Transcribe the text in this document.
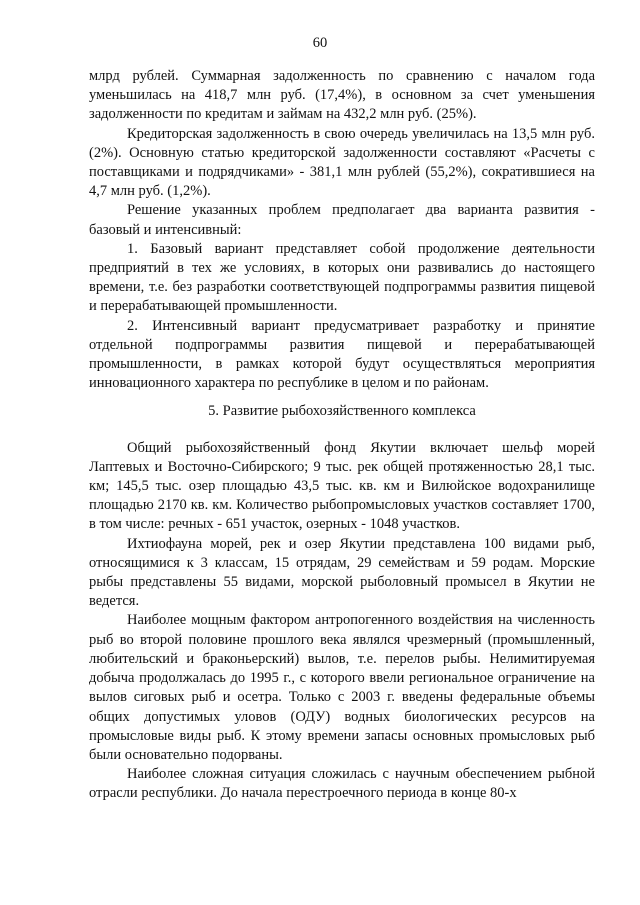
60

млрд рублей. Суммарная задолженность по сравнению с началом года уменьшилась на 418,7 млн руб. (17,4%), в основном за счет уменьшения задолженности по кредитам и займам на 432,2 млн руб. (25%).

Кредиторская задолженность в свою очередь увеличилась на 13,5 млн руб. (2%). Основную статью кредиторской задолженности составляют «Расчеты с поставщиками и подрядчиками» - 381,1 млн рублей (55,2%), сократившиеся на 4,7 млн руб. (1,2%).

Решение указанных проблем предполагает два варианта развития - базовый и интенсивный:

1. Базовый вариант представляет собой продолжение деятельности предприятий в тех же условиях, в которых они развивались до настоящего времени, т.е. без разработки соответствующей подпрограммы развития пищевой и перерабатывающей промышленности.

2. Интенсивный вариант предусматривает разработку и принятие отдельной подпрограммы развития пищевой и перерабатывающей промышленности, в рамках которой будут осуществляться мероприятия инновационного характера по республике в целом и по районам.

5. Развитие рыбохозяйственного комплекса

Общий рыбохозяйственный фонд Якутии включает шельф морей Лаптевых и Восточно-Сибирского; 9 тыс. рек общей протяженностью 28,1 тыс. км; 145,5 тыс. озер площадью 43,5 тыс. кв. км и Вилюйское водохранилище площадью 2170 кв. км. Количество рыбопромысловых участков составляет 1700, в том числе: речных - 651 участок, озерных - 1048 участков.

Ихтиофауна морей, рек и озер Якутии представлена 100 видами рыб, относящимися к 3 классам, 15 отрядам, 29 семействам и 59 родам. Морские рыбы представлены 55 видами, морской рыболовный промысел в Якутии не ведется.

Наиболее мощным фактором антропогенного воздействия на численность рыб во второй половине прошлого века являлся чрезмерный (промышленный, любительский и браконьерский) вылов, т.е. перелов рыбы. Нелимитируемая добыча продолжалась до 1995 г., с которого ввели региональное ограничение на вылов сиговых рыб и осетра. Только с 2003 г. введены федеральные объемы общих допустимых уловов (ОДУ) водных биологических ресурсов на промысловые виды рыб. К этому времени запасы основных промысловых рыб были основательно подорваны.

Наиболее сложная ситуация сложилась с научным обеспечением рыбной отрасли республики. До начала перестроечного периода в конце 80-х
